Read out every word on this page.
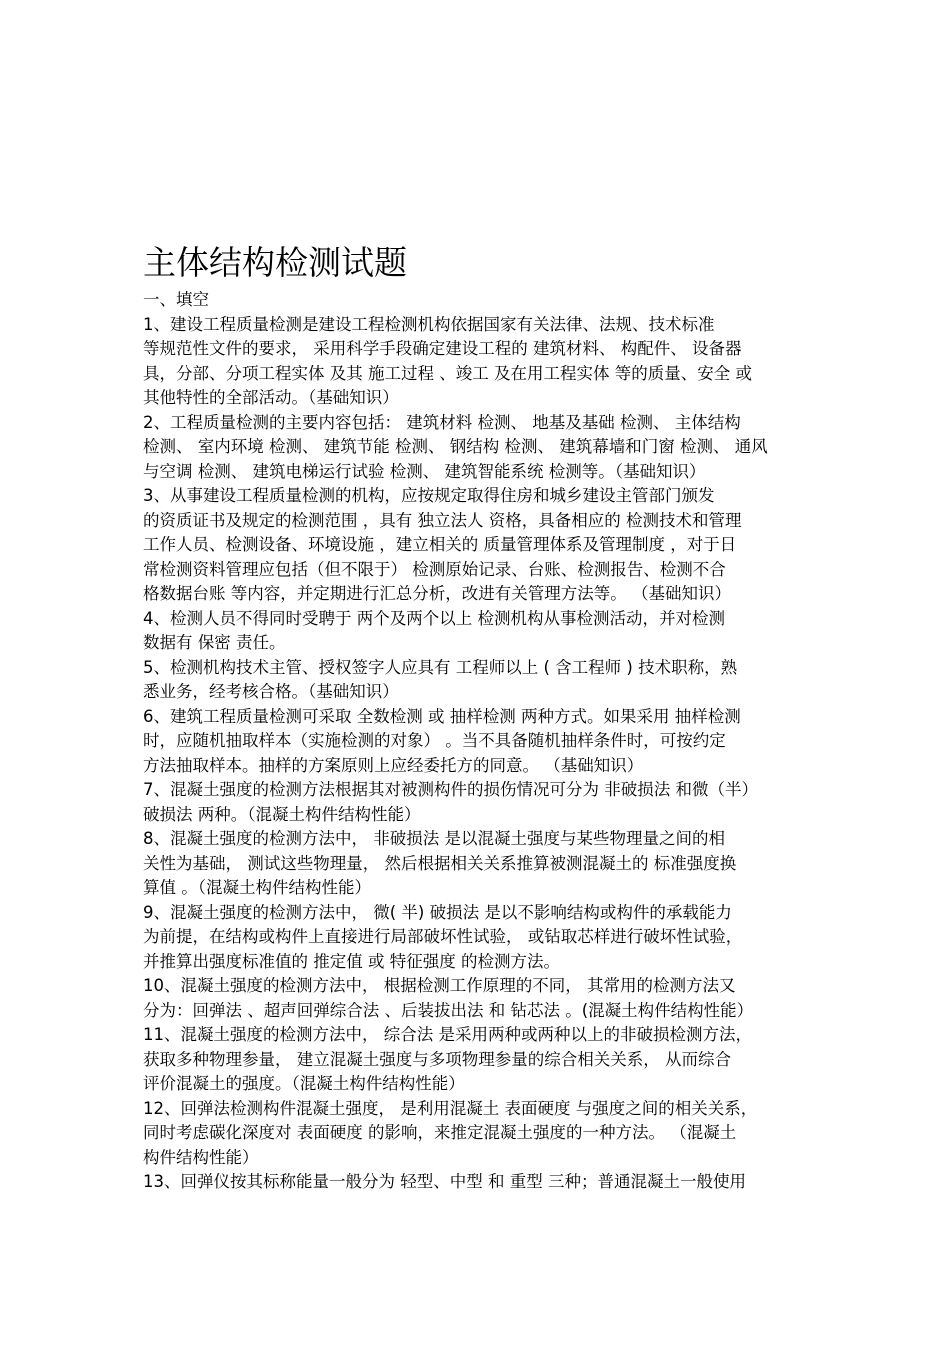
主体结构检测试题
一、填空
1、建设工程质量检测是建设工程检测机构依据国家有关法律、法规、技术标准
等规范性文件的要求， 采用科学手段确定建设工程的 建筑材料、 构配件、 设备器
具，分部、分项工程实体 及其 施工过程 、竣工 及在用工程实体 等的质量、安全 或
其他特性的全部活动。（基础知识）
2、工程质量检测的主要内容包括： 建筑材料 检测、 地基及基础 检测、 主体结构
检测、 室内环境 检测、 建筑节能 检测、 钢结构 检测、 建筑幕墙和门窗 检测、 通风
与空调 检测、 建筑电梯运行试验 检测、 建筑智能系统 检测等。（基础知识）
3、从事建设工程质量检测的机构，应按规定取得住房和城乡建设主管部门颁发
的资质证书及规定的检测范围 ，具有 独立法人 资格，具备相应的 检测技术和管理
工作人员、检测设备、环境设施 ，建立相关的 质量管理体系及管理制度 ，对于日
常检测资料管理应包括（但不限于） 检测原始记录、台账、检测报告、检测不合
格数据台账 等内容，并定期进行汇总分析，改进有关管理方法等。 （基础知识）
4、检测人员不得同时受聘于 两个及两个以上 检测机构从事检测活动，并对检测
数据有 保密 责任。
5、检测机构技术主管、授权签字人应具有 工程师以上 ( 含工程师 ) 技术职称，熟
悉业务，经考核合格。（基础知识）
6、建筑工程质量检测可采取 全数检测 或 抽样检测 两种方式。如果采用 抽样检测
时，应随机抽取样本（实施检测的对象） 。当不具备随机抽样条件时，可按约定
方法抽取样本。抽样的方案原则上应经委托方的同意。 （基础知识）
7、混凝土强度的检测方法根据其对被测构件的损伤情况可分为 非破损法 和微（半）
破损法 两种。（混凝土构件结构性能）
8、混凝土强度的检测方法中， 非破损法 是以混凝土强度与某些物理量之间的相
关性为基础， 测试这些物理量， 然后根据相关关系推算被测混凝土的 标准强度换
算值 。（混凝土构件结构性能）
9、混凝土强度的检测方法中， 微( 半) 破损法 是以不影响结构或构件的承载能力
为前提，在结构或构件上直接进行局部破坏性试验， 或钻取芯样进行破坏性试验，
并推算出强度标准值的 推定值 或 特征强度 的检测方法。
10、混凝土强度的检测方法中， 根据检测工作原理的不同， 其常用的检测方法又
分为：回弹法 、超声回弹综合法 、后装拔出法 和 钻芯法 。(混凝土构件结构性能）
11、混凝土强度的检测方法中， 综合法 是采用两种或两种以上的非破损检测方法，
获取多种物理参量， 建立混凝土强度与多项物理参量的综合相关关系， 从而综合
评价混凝土的强度。（混凝土构件结构性能）
12、回弹法检测构件混凝土强度， 是利用混凝土 表面硬度 与强度之间的相关关系，
同时考虑碳化深度对 表面硬度 的影响，来推定混凝土强度的一种方法。 （混凝土
构件结构性能）
13、回弹仪按其标称能量一般分为 轻型、中型 和 重型 三种；普通混凝土一般使用
